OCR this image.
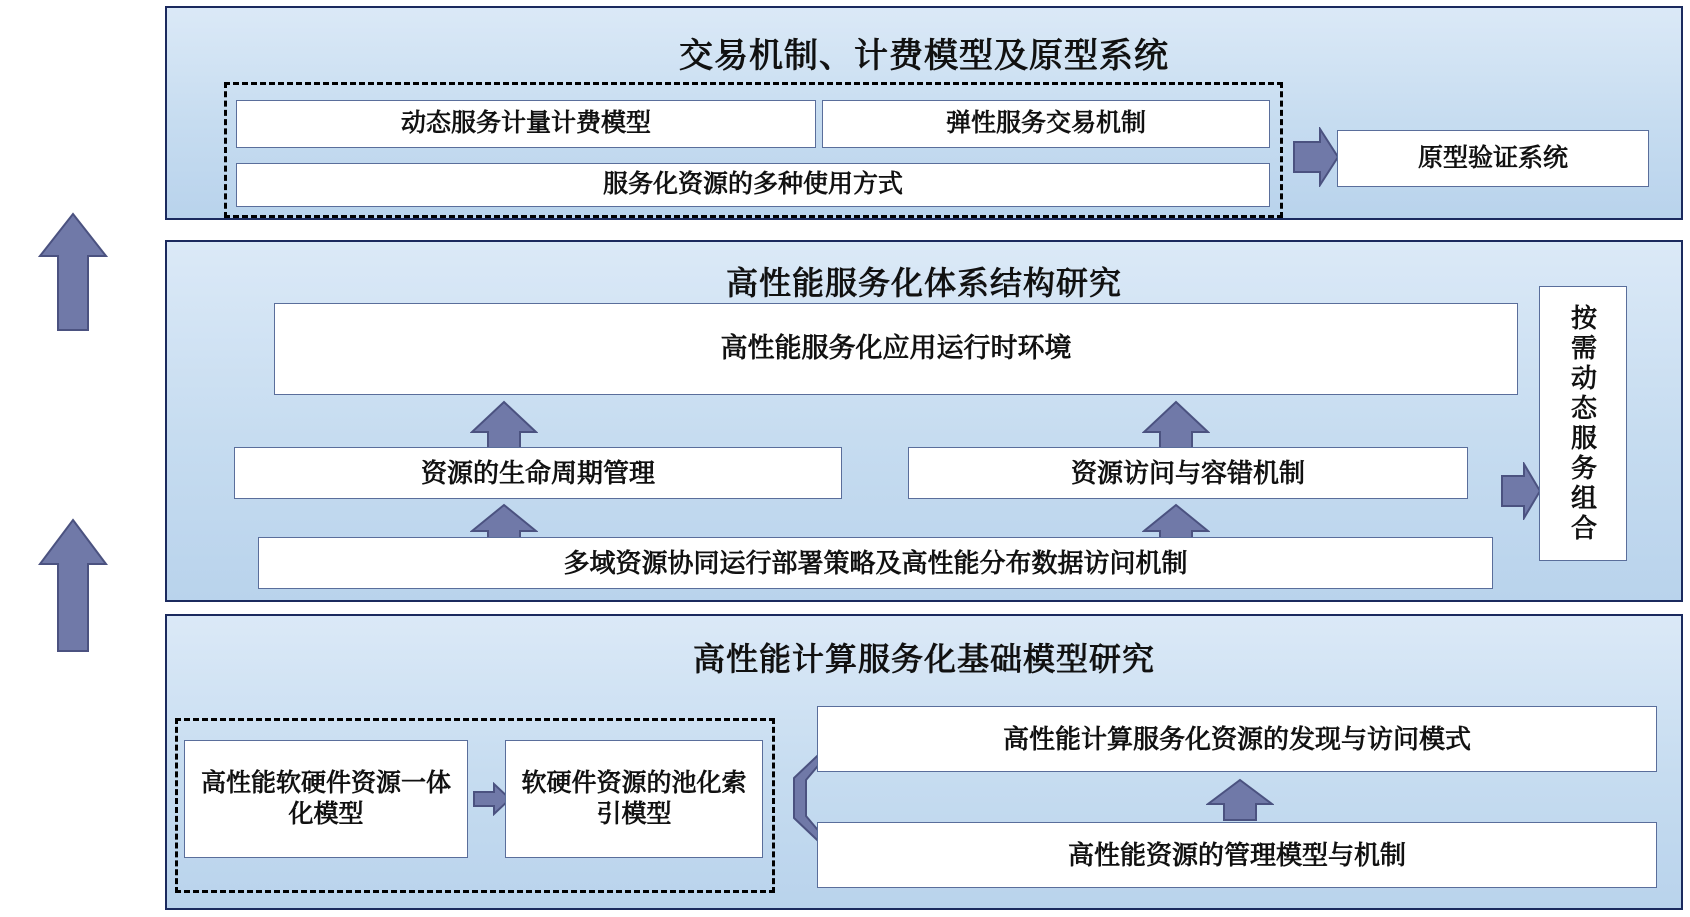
交易机制、计费模型及原型系统
动态服务计量计费模型	弹性服务交易机制
服务化资源的多种使用方式
原型验证系统
高性能服务化体系结构研究
高性能服务化应用运行时环境
资源的生命周期管理	资源访问与容错机制
多域资源协同运行部署策略及高性能分布数据访问机制
按需动态服务组合
高性能计算服务化基础模型研究
高性能软硬件资源一体化模型
软硬件资源的池化索引模型
高性能计算服务化资源的发现与访问模式
高性能资源的管理模型与机制
